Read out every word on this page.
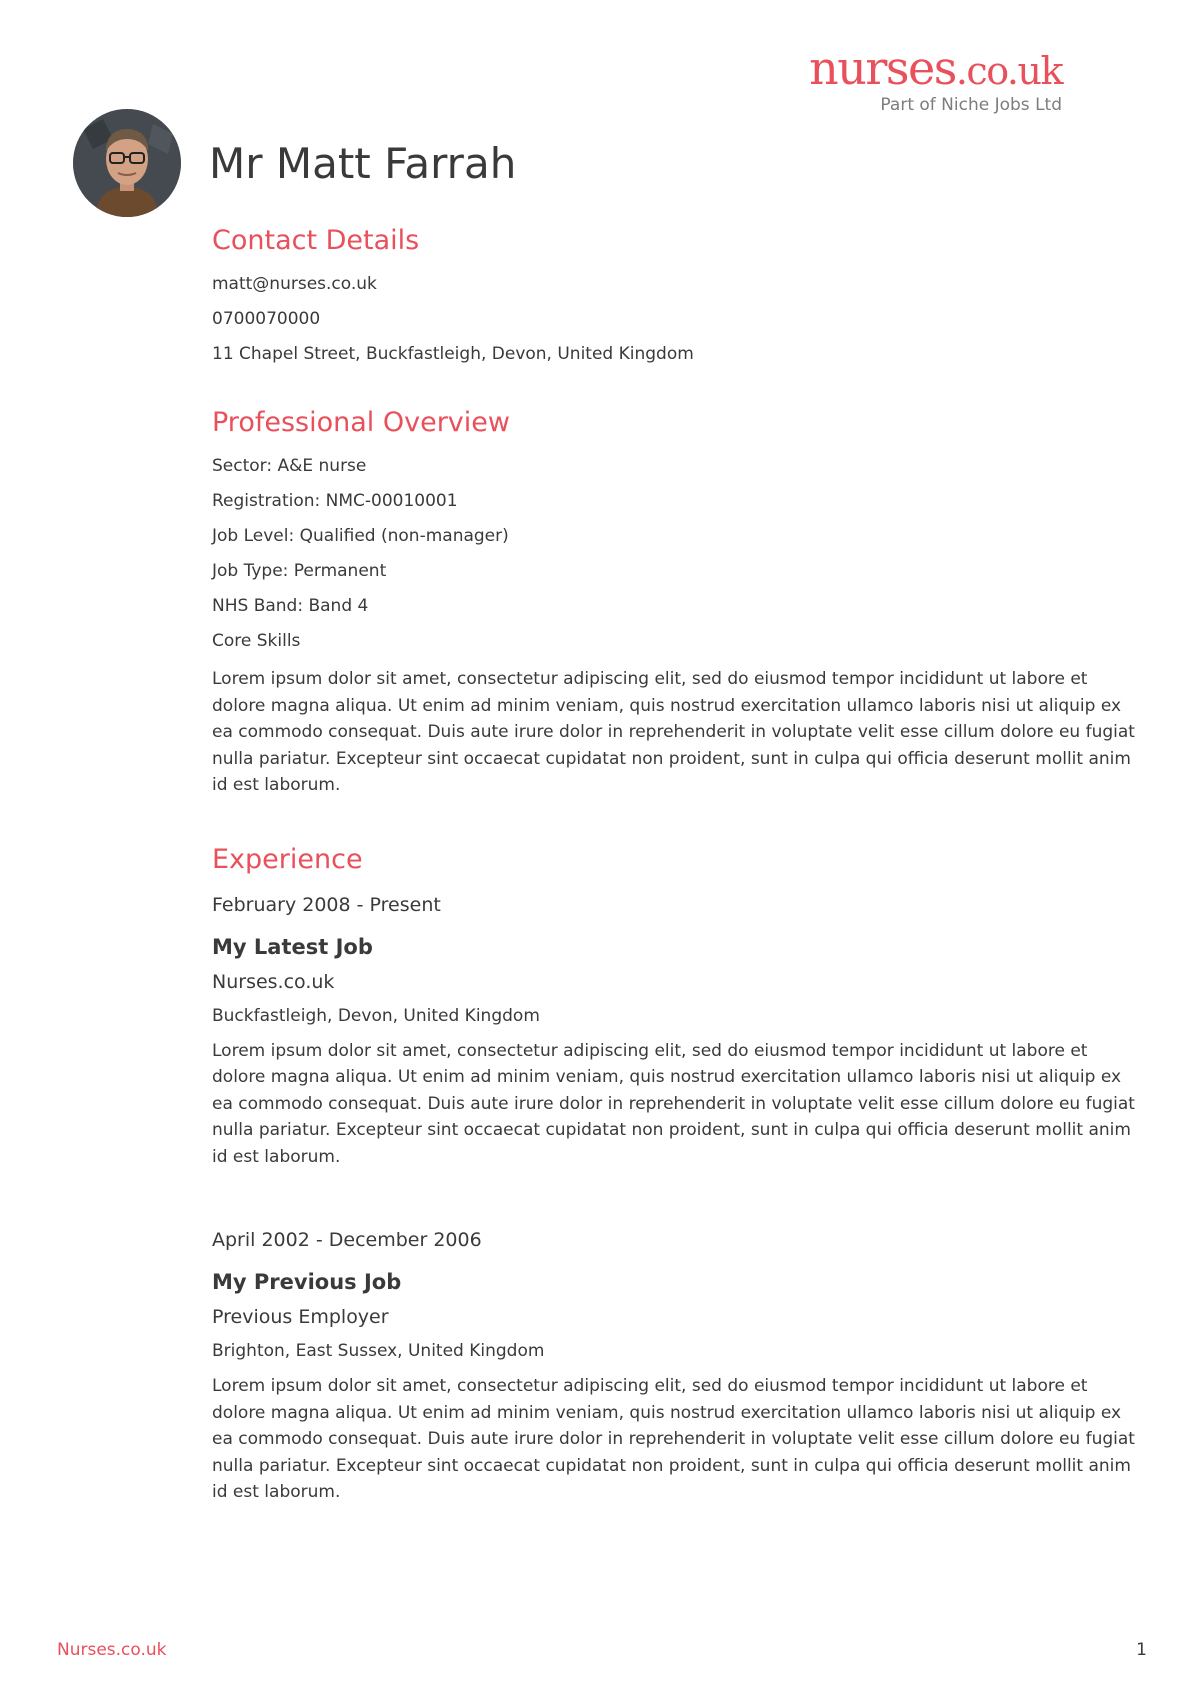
nurses.co.uk
Part of Niche Jobs Ltd
Mr Matt Farrah
Contact Details

matt@nurses.co.uk

0700070000

11 Chapel Street, Buckfastleigh, Devon, United Kingdom

Professional Overview

Sector: A&E nurse

Registration: NMC-00010001

Job Level: Qualified (non-manager)

Job Type: Permanent

NHS Band: Band 4

Core Skills

Lorem ipsum dolor sit amet, consectetur adipiscing elit, sed do eiusmod tempor incididunt ut labore et dolore magna aliqua. Ut enim ad minim veniam, quis nostrud exercitation ullamco laboris nisi ut aliquip ex ea commodo consequat. Duis aute irure dolor in reprehenderit in voluptate velit esse cillum dolore eu fugiat nulla pariatur. Excepteur sint occaecat cupidatat non proident, sunt in culpa qui officia deserunt mollit anim id est laborum.

Experience

February 2008 - Present

My Latest Job

Nurses.co.uk

Buckfastleigh, Devon, United Kingdom

Lorem ipsum dolor sit amet, consectetur adipiscing elit, sed do eiusmod tempor incididunt ut labore et dolore magna aliqua. Ut enim ad minim veniam, quis nostrud exercitation ullamco laboris nisi ut aliquip ex ea commodo consequat. Duis aute irure dolor in reprehenderit in voluptate velit esse cillum dolore eu fugiat nulla pariatur. Excepteur sint occaecat cupidatat non proident, sunt in culpa qui officia deserunt mollit anim id est laborum.

April 2002 - December 2006

My Previous Job

Previous Employer

Brighton, East Sussex, United Kingdom

Lorem ipsum dolor sit amet, consectetur adipiscing elit, sed do eiusmod tempor incididunt ut labore et dolore magna aliqua. Ut enim ad minim veniam, quis nostrud exercitation ullamco laboris nisi ut aliquip ex ea commodo consequat. Duis aute irure dolor in reprehenderit in voluptate velit esse cillum dolore eu fugiat nulla pariatur. Excepteur sint occaecat cupidatat non proident, sunt in culpa qui officia deserunt mollit anim id est laborum.

Nurses.co.uk	1
